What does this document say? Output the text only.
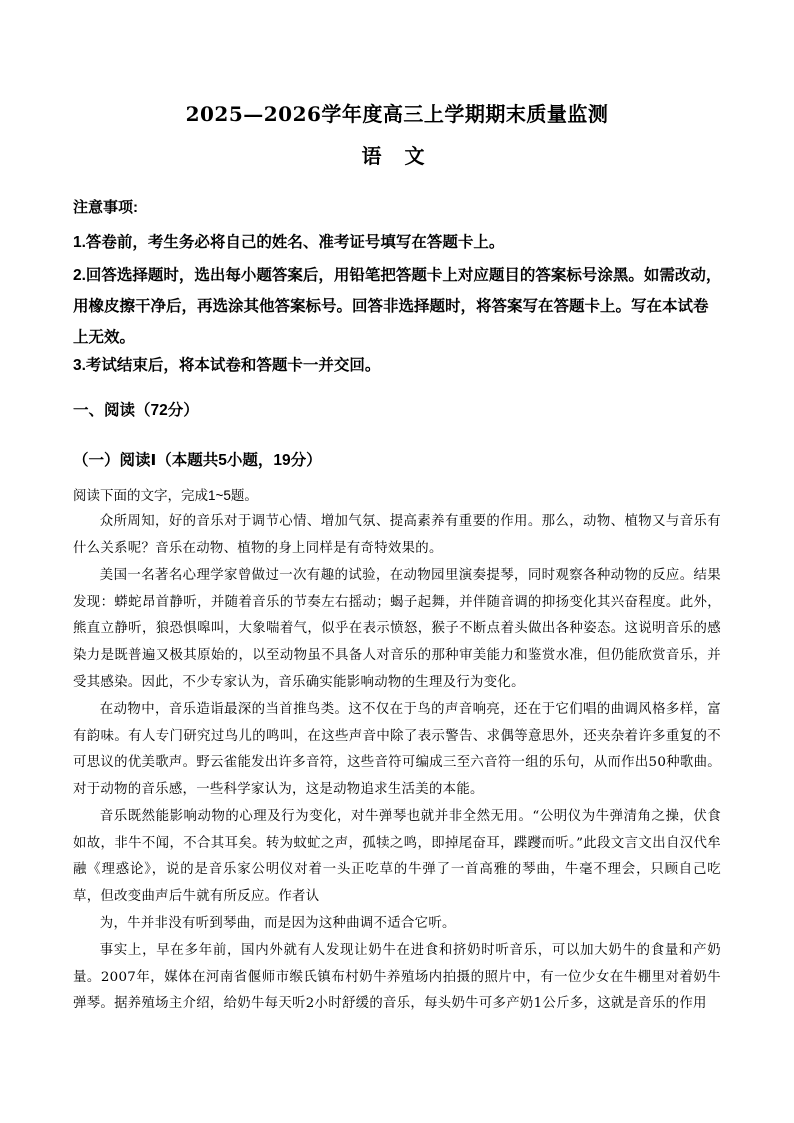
2025—2026学年度高三上学期期末质量监测
语 文
注意事项:
1.答卷前，考生务必将自己的姓名、准考证号填写在答题卡上。
2.回答选择题时，选出每小题答案后，用铅笔把答题卡上对应题目的答案标号涂黑。如需改动，用橡皮擦干净后，再选涂其他答案标号。回答非选择题时，将答案写在答题卡上。写在本试卷上无效。
3.考试结束后，将本试卷和答题卡一并交回。
一、阅读（72分）
（一）阅读Ⅰ（本题共5小题，19分）
阅读下面的文字，完成1~5题。
众所周知，好的音乐对于调节心情、增加气氛、提高素养有重要的作用。那么，动物、植物又与音乐有什么关系呢？音乐在动物、植物的身上同样是有奇特效果的。
美国一名著名心理学家曾做过一次有趣的试验，在动物园里演奏提琴，同时观察各种动物的反应。结果发现：蟒蛇昂首静听，并随着音乐的节奏左右摇动；蝎子起舞，并伴随音调的抑扬变化其兴奋程度。此外，熊直立静听，狼恐惧嗥叫，大象喘着气，似乎在表示愤怒，猴子不断点着头做出各种姿态。这说明音乐的感染力是既普遍又极其原始的，以至动物虽不具备人对音乐的那种审美能力和鉴赏水准，但仍能欣赏音乐，并受其感染。因此，不少专家认为，音乐确实能影响动物的生理及行为变化。
在动物中，音乐造诣最深的当首推鸟类。这不仅在于鸟的声音响亮，还在于它们唱的曲调风格多样，富有韵味。有人专门研究过鸟儿的鸣叫，在这些声音中除了表示警告、求偶等意思外，还夹杂着许多重复的不可思议的优美歌声。野云雀能发出许多音符，这些音符可编成三至六音符一组的乐句，从而作出50种歌曲。对于动物的音乐感，一些科学家认为，这是动物追求生活美的本能。
音乐既然能影响动物的心理及行为变化，对牛弹琴也就并非全然无用。“公明仪为牛弹清角之操，伏食如故，非牛不闻，不合其耳矣。转为蚊虻之声，孤犊之鸣，即掉尾奋耳，蹀躞而听。”此段文言文出自汉代牟融《理惑论》，说的是音乐家公明仪对着一头正吃草的牛弹了一首高雅的琴曲，牛毫不理会，只顾自己吃草，但改变曲声后牛就有所反应。作者认
为，牛并非没有听到琴曲，而是因为这种曲调不适合它听。
事实上，早在多年前，国内外就有人发现让奶牛在进食和挤奶时听音乐，可以加大奶牛的食量和产奶量。2007年，媒体在河南省偃师市缑氏镇布村奶牛养殖场内拍摄的照片中，有一位少女在牛棚里对着奶牛弹琴。据养殖场主介绍，给奶牛每天听2小时舒缓的音乐，每头奶牛可多产奶1公斤多，这就是音乐的作用
